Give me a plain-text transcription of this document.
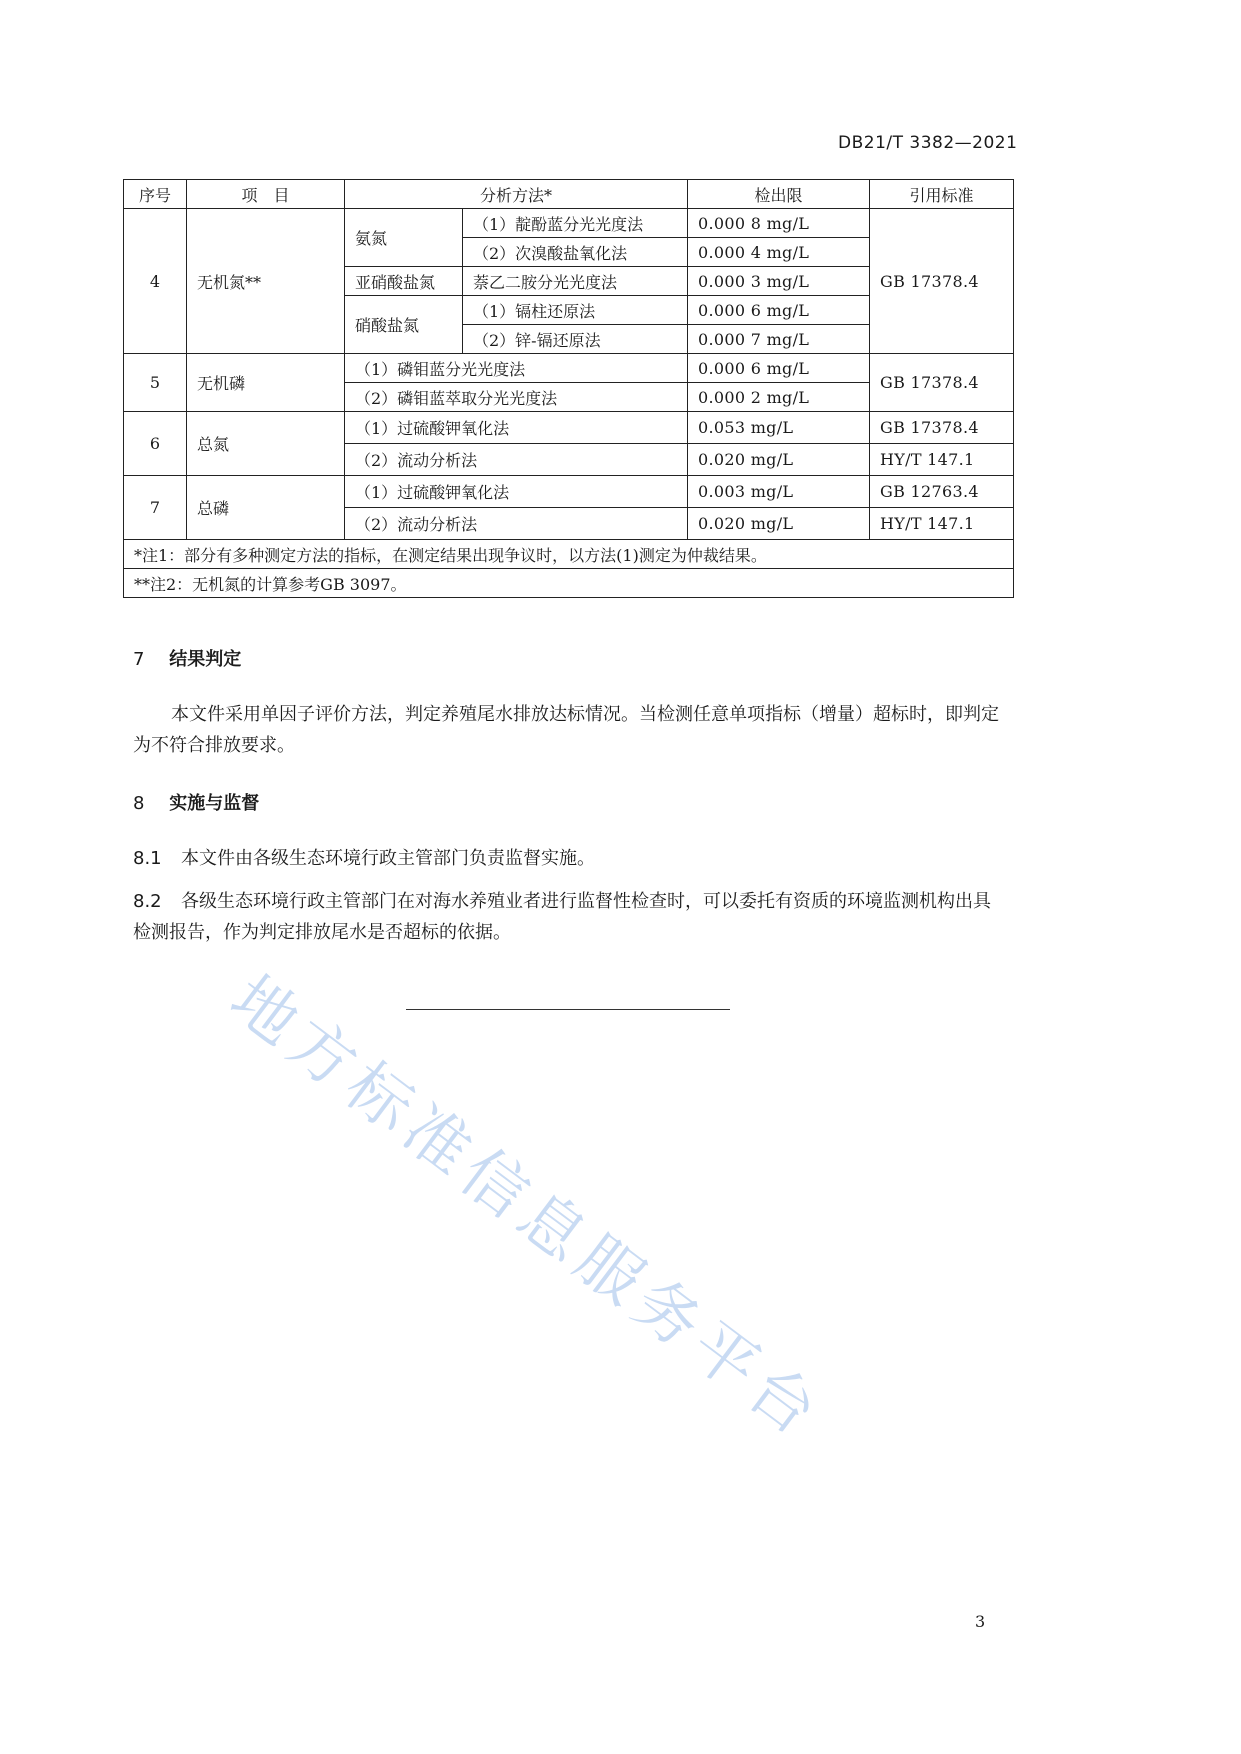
DB21/T 3382—2021
序号	项　目	分析方法*		检出限	引用标准
4	无机氮**	氨氮	（1）靛酚蓝分光光度法	0.000 8 mg/L	GB 17378.4
			（2）次溴酸盐氧化法	0.000 4 mg/L	
		亚硝酸盐氮	萘乙二胺分光光度法	0.000 3 mg/L	
		硝酸盐氮	（1）镉柱还原法	0.000 6 mg/L	
			（2）锌-镉还原法	0.000 7 mg/L	
5	无机磷	（1）磷钼蓝分光光度法		0.000 6 mg/L	GB 17378.4
		（2）磷钼蓝萃取分光光度法		0.000 2 mg/L	
6	总氮	（1）过硫酸钾氧化法		0.053 mg/L	GB 17378.4
		（2）流动分析法		0.020 mg/L	HY/T 147.1
7	总磷	（1）过硫酸钾氧化法		0.003 mg/L	GB 12763.4
		（2）流动分析法		0.020 mg/L	HY/T 147.1
*注1：部分有多种测定方法的指标，在测定结果出现争议时，以方法(1)测定为仲裁结果。					
**注2：无机氮的计算参考GB 3097。					
7 结果判定
本文件采用单因子评价方法，判定养殖尾水排放达标情况。当检测任意单项指标（增量）超标时，即判定为不符合排放要求。
8 实施与监督
8.1 本文件由各级生态环境行政主管部门负责监督实施。
8.2 各级生态环境行政主管部门在对海水养殖业者进行监督性检查时，可以委托有资质的环境监测机构出具检测报告，作为判定排放尾水是否超标的依据。
地方标准信息服务平台
3
